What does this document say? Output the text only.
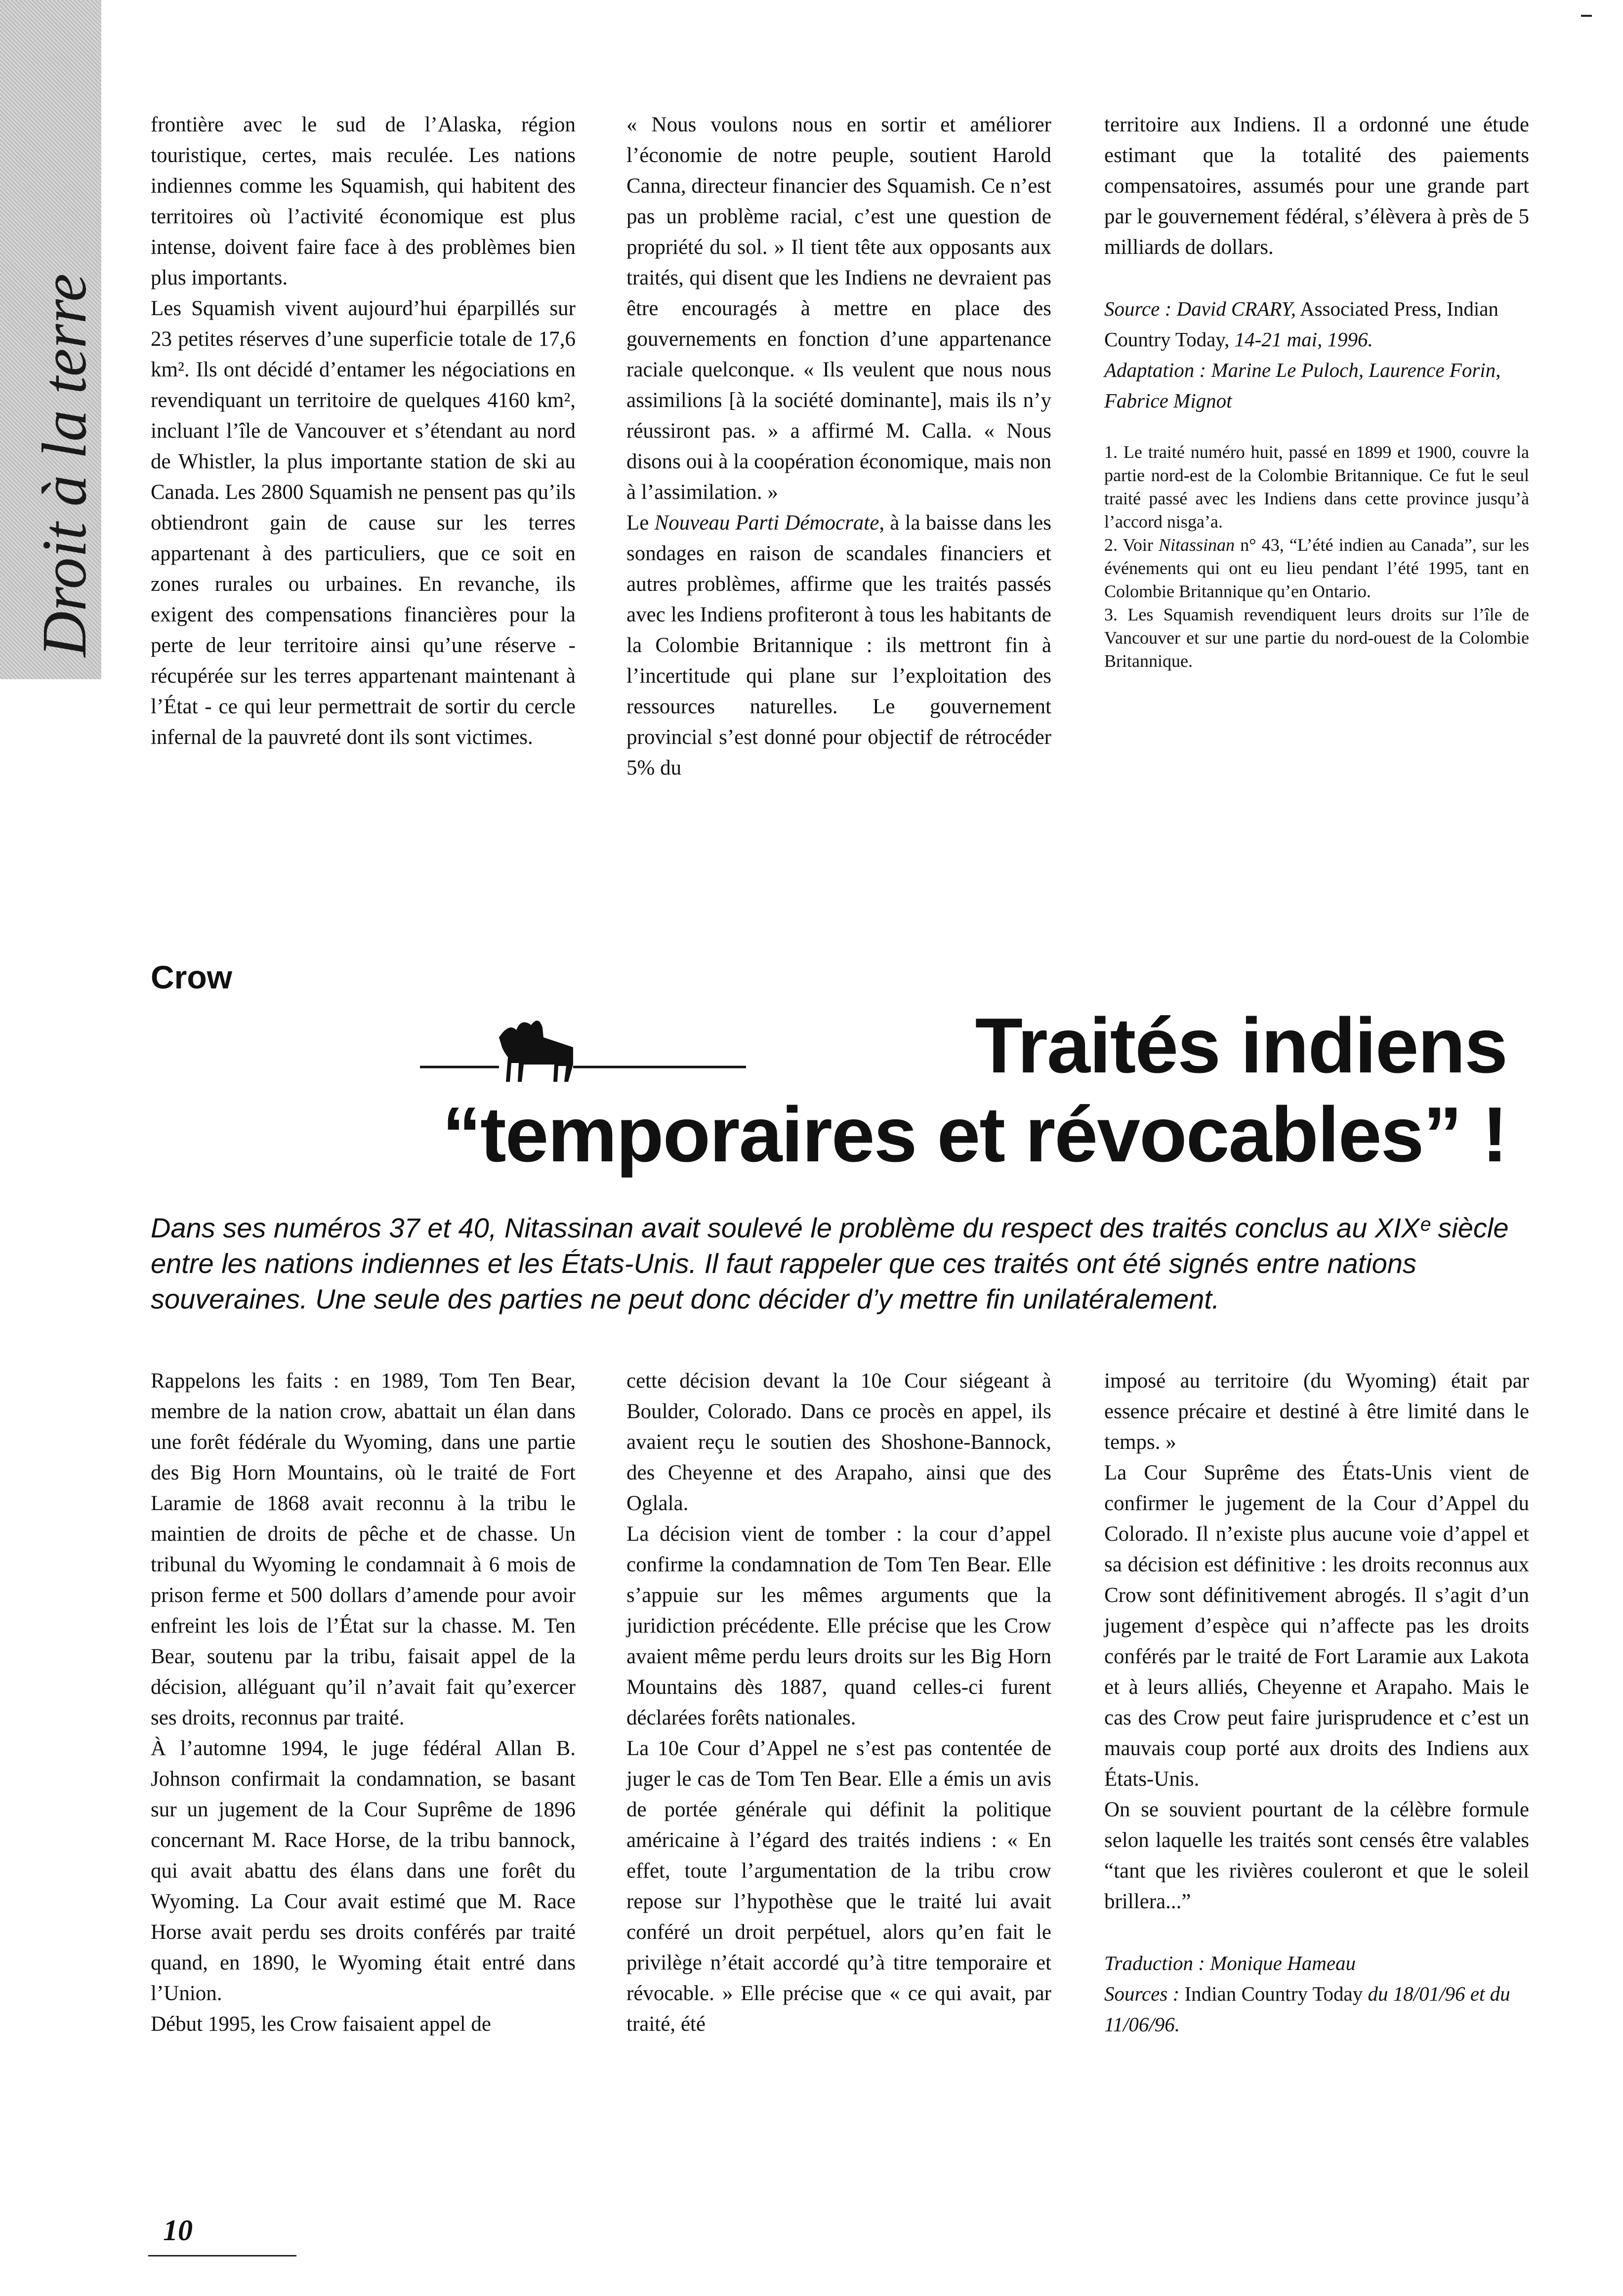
Droit à la terre

frontière avec le sud de l’Alaska, région touristique, certes, mais reculée. Les nations indiennes comme les Squamish, qui habitent des territoires où l’activité économique est plus intense, doivent faire face à des problèmes bien plus importants.

Les Squamish vivent aujourd’hui éparpillés sur 23 petites réserves d’une superficie totale de 17,6 km². Ils ont décidé d’entamer les négociations en revendiquant un territoire de quelques 4160 km², incluant l’île de Vancouver et s’étendant au nord de Whistler, la plus importante station de ski au Canada. Les 2800 Squamish ne pensent pas qu’ils obtiendront gain de cause sur les terres appartenant à des particuliers, que ce soit en zones rurales ou urbaines. En revanche, ils exigent des compensations financières pour la perte de leur territoire ainsi qu’une réserve - récupérée sur les terres appartenant maintenant à l’État - ce qui leur permettrait de sortir du cercle infernal de la pauvreté dont ils sont victimes.

« Nous voulons nous en sortir et améliorer l’économie de notre peuple, soutient Harold Canna, directeur financier des Squamish. Ce n’est pas un problème racial, c’est une question de propriété du sol. » Il tient tête aux opposants aux traités, qui disent que les Indiens ne devraient pas être encouragés à mettre en place des gouvernements en fonction d’une appartenance raciale quelconque. « Ils veulent que nous nous assimilions [à la société dominante], mais ils n’y réussiront pas. » a affirmé M. Calla. « Nous disons oui à la coopération économique, mais non à l’assimilation. »

Le Nouveau Parti Démocrate, à la baisse dans les sondages en raison de scandales financiers et autres problèmes, affirme que les traités passés avec les Indiens profiteront à tous les habitants de la Colombie Britannique : ils mettront fin à l’incertitude qui plane sur l’exploitation des ressources naturelles. Le gouvernement provincial s’est donné pour objectif de rétrocéder 5% du

territoire aux Indiens. Il a ordonné une étude estimant que la totalité des paiements compensatoires, assumés pour une grande part par le gouvernement fédéral, s’élèvera à près de 5 milliards de dollars.

Source : David CRARY, Associated Press, Indian Country Today, 14-21 mai, 1996.

Adaptation : Marine Le Puloch, Laurence Forin, Fabrice Mignot

1. Le traité numéro huit, passé en 1899 et 1900, couvre la partie nord-est de la Colombie Britannique. Ce fut le seul traité passé avec les Indiens dans cette province jusqu’à l’accord nisga’a.

2. Voir Nitassinan n° 43, “L’été indien au Canada”, sur les événements qui ont eu lieu pendant l’été 1995, tant en Colombie Britannique qu’en Ontario.

3. Les Squamish revendiquent leurs droits sur l’île de Vancouver et sur une partie du nord-ouest de la Colombie Britannique.

Crow
Traités indiens
“temporaires et révocables” !
Dans ses numéros 37 et 40, Nitassinan avait soulevé le problème du respect des traités conclus au XIXᵉ siècle entre les nations indiennes et les États-Unis. Il faut rappeler que ces traités ont été signés entre nations souveraines. Une seule des parties ne peut donc décider d’y mettre fin unilatéralement.

Rappelons les faits : en 1989, Tom Ten Bear, membre de la nation crow, abattait un élan dans une forêt fédérale du Wyoming, dans une partie des Big Horn Mountains, où le traité de Fort Laramie de 1868 avait reconnu à la tribu le maintien de droits de pêche et de chasse. Un tribunal du Wyoming le condamnait à 6 mois de prison ferme et 500 dollars d’amende pour avoir enfreint les lois de l’État sur la chasse. M. Ten Bear, soutenu par la tribu, faisait appel de la décision, alléguant qu’il n’avait fait qu’exercer ses droits, reconnus par traité.

À l’automne 1994, le juge fédéral Allan B. Johnson confirmait la condamnation, se basant sur un jugement de la Cour Suprême de 1896 concernant M. Race Horse, de la tribu bannock, qui avait abattu des élans dans une forêt du Wyoming. La Cour avait estimé que M. Race Horse avait perdu ses droits conférés par traité quand, en 1890, le Wyoming était entré dans l’Union.

Début 1995, les Crow faisaient appel de

cette décision devant la 10e Cour siégeant à Boulder, Colorado. Dans ce procès en appel, ils avaient reçu le soutien des Shoshone-Bannock, des Cheyenne et des Arapaho, ainsi que des Oglala.

La décision vient de tomber : la cour d’appel confirme la condamnation de Tom Ten Bear. Elle s’appuie sur les mêmes arguments que la juridiction précédente. Elle précise que les Crow avaient même perdu leurs droits sur les Big Horn Mountains dès 1887, quand celles-ci furent déclarées forêts nationales.

La 10e Cour d’Appel ne s’est pas contentée de juger le cas de Tom Ten Bear. Elle a émis un avis de portée générale qui définit la politique américaine à l’égard des traités indiens : « En effet, toute l’argumentation de la tribu crow repose sur l’hypothèse que le traité lui avait conféré un droit perpétuel, alors qu’en fait le privilège n’était accordé qu’à titre temporaire et révocable. » Elle précise que « ce qui avait, par traité, été

imposé au territoire (du Wyoming) était par essence précaire et destiné à être limité dans le temps. »

La Cour Suprême des États-Unis vient de confirmer le jugement de la Cour d’Appel du Colorado. Il n’existe plus aucune voie d’appel et sa décision est définitive : les droits reconnus aux Crow sont définitivement abrogés. Il s’agit d’un jugement d’espèce qui n’affecte pas les droits conférés par le traité de Fort Laramie aux Lakota et à leurs alliés, Cheyenne et Arapaho. Mais le cas des Crow peut faire jurisprudence et c’est un mauvais coup porté aux droits des Indiens aux États-Unis.

On se souvient pourtant de la célèbre formule selon laquelle les traités sont censés être valables “tant que les rivières couleront et que le soleil brillera...”

Traduction : Monique Hameau

Sources : Indian Country Today du 18/01/96 et du 11/06/96.

10
